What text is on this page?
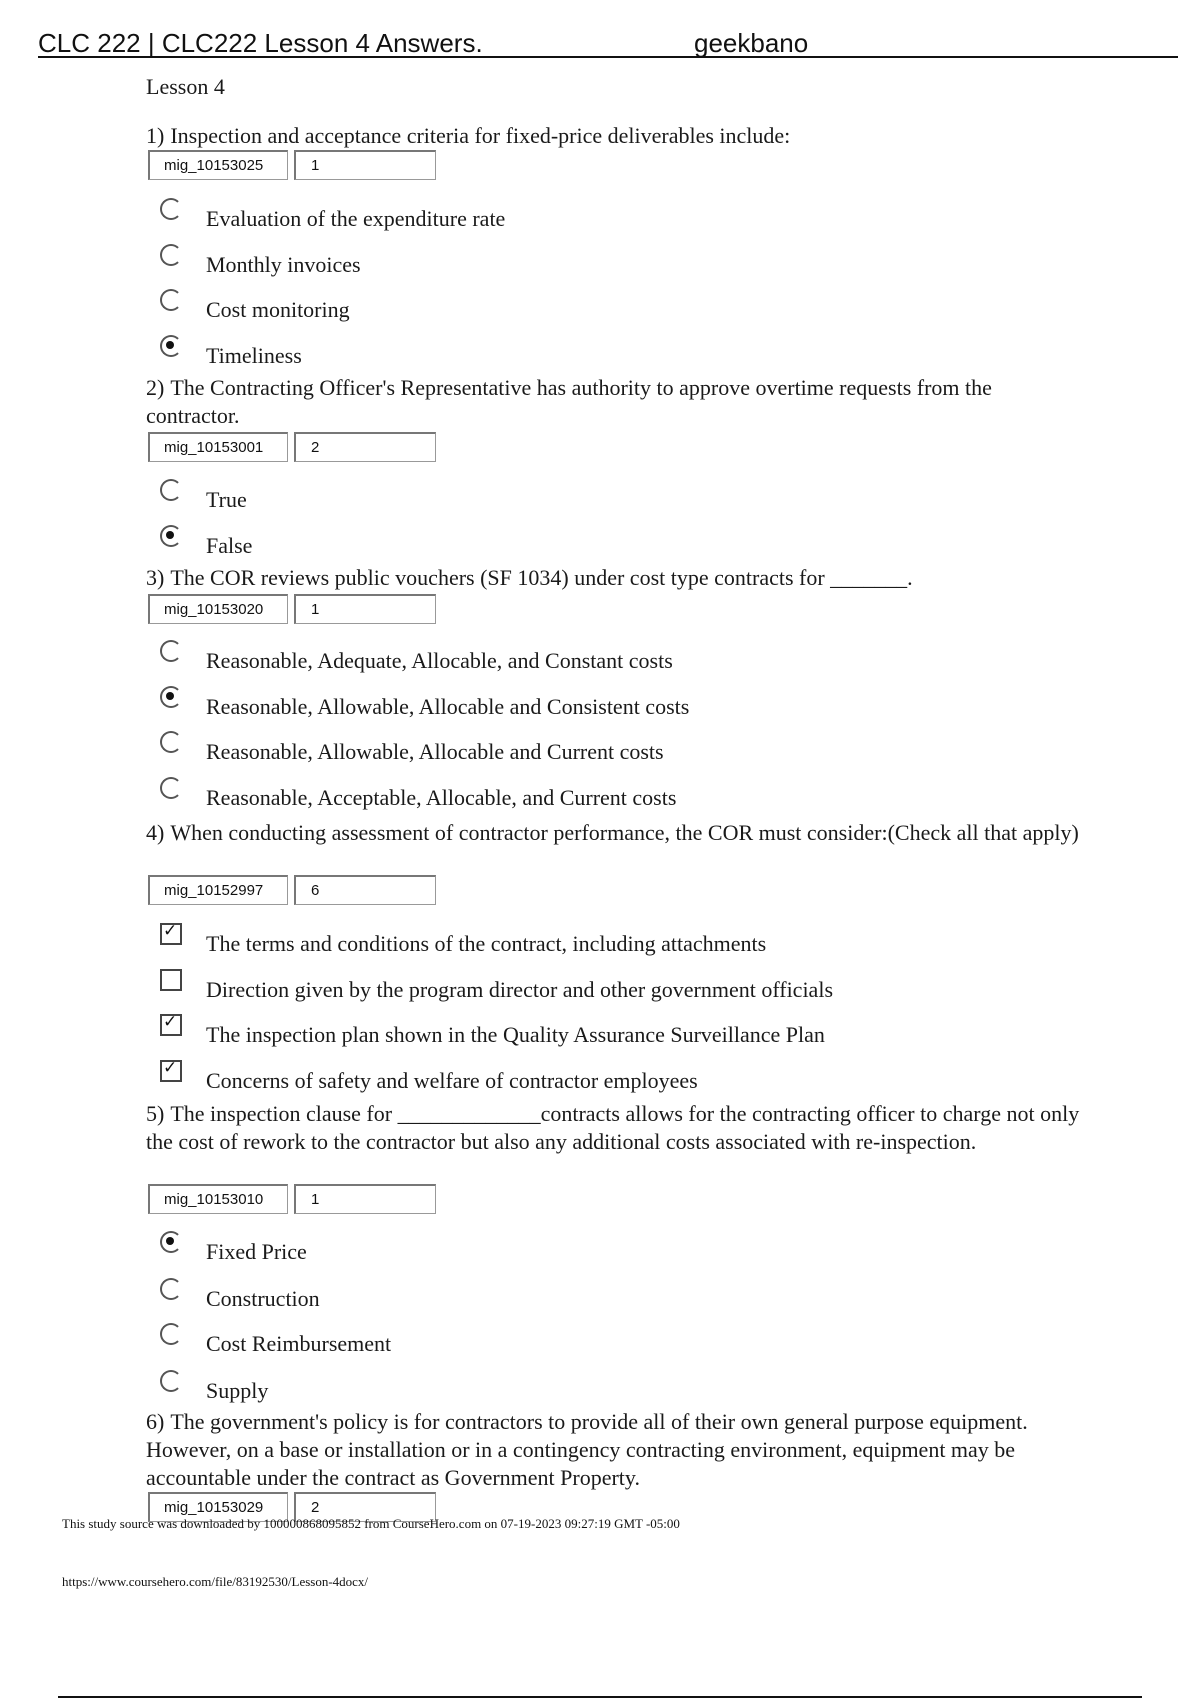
CLC 222 | CLC222 Lesson 4 Answers.	geekbano
Lesson 4
1) Inspection and acceptance criteria for fixed-price deliverables include:
mig_10153025	1
Evaluation of the expenditure rate
Monthly invoices
Cost monitoring
Timeliness
2) The Contracting Officer's Representative has authority to approve overtime requests from the contractor.
mig_10153001	2
True
False
3) The COR reviews public vouchers (SF 1034) under cost type contracts for _______.
mig_10153020	1
Reasonable, Adequate, Allocable, and Constant costs
Reasonable, Allowable, Allocable and Consistent costs
Reasonable, Allowable, Allocable and Current costs
Reasonable, Acceptable, Allocable, and Current costs
4) When conducting assessment of contractor performance, the COR must consider:(Check all that apply)
mig_10152997	6
✓ The terms and conditions of the contract, including attachments
Direction given by the program director and other government officials
✓ The inspection plan shown in the Quality Assurance Surveillance Plan
✓ Concerns of safety and welfare of contractor employees
5) The inspection clause for _____________contracts allows for the contracting officer to charge not only the cost of rework to the contractor but also any additional costs associated with re-inspection.
mig_10153010	1
Fixed Price
Construction
Cost Reimbursement
Supply
6) The government's policy is for contractors to provide all of their own general purpose equipment. However, on a base or installation or in a contingency contracting environment, equipment may be accountable under the contract as Government Property.
mig_10153029	2
This study source was downloaded by 100000868095852 from CourseHero.com on 07-19-2023 09:27:19 GMT -05:00
https://www.coursehero.com/file/83192530/Lesson-4docx/
